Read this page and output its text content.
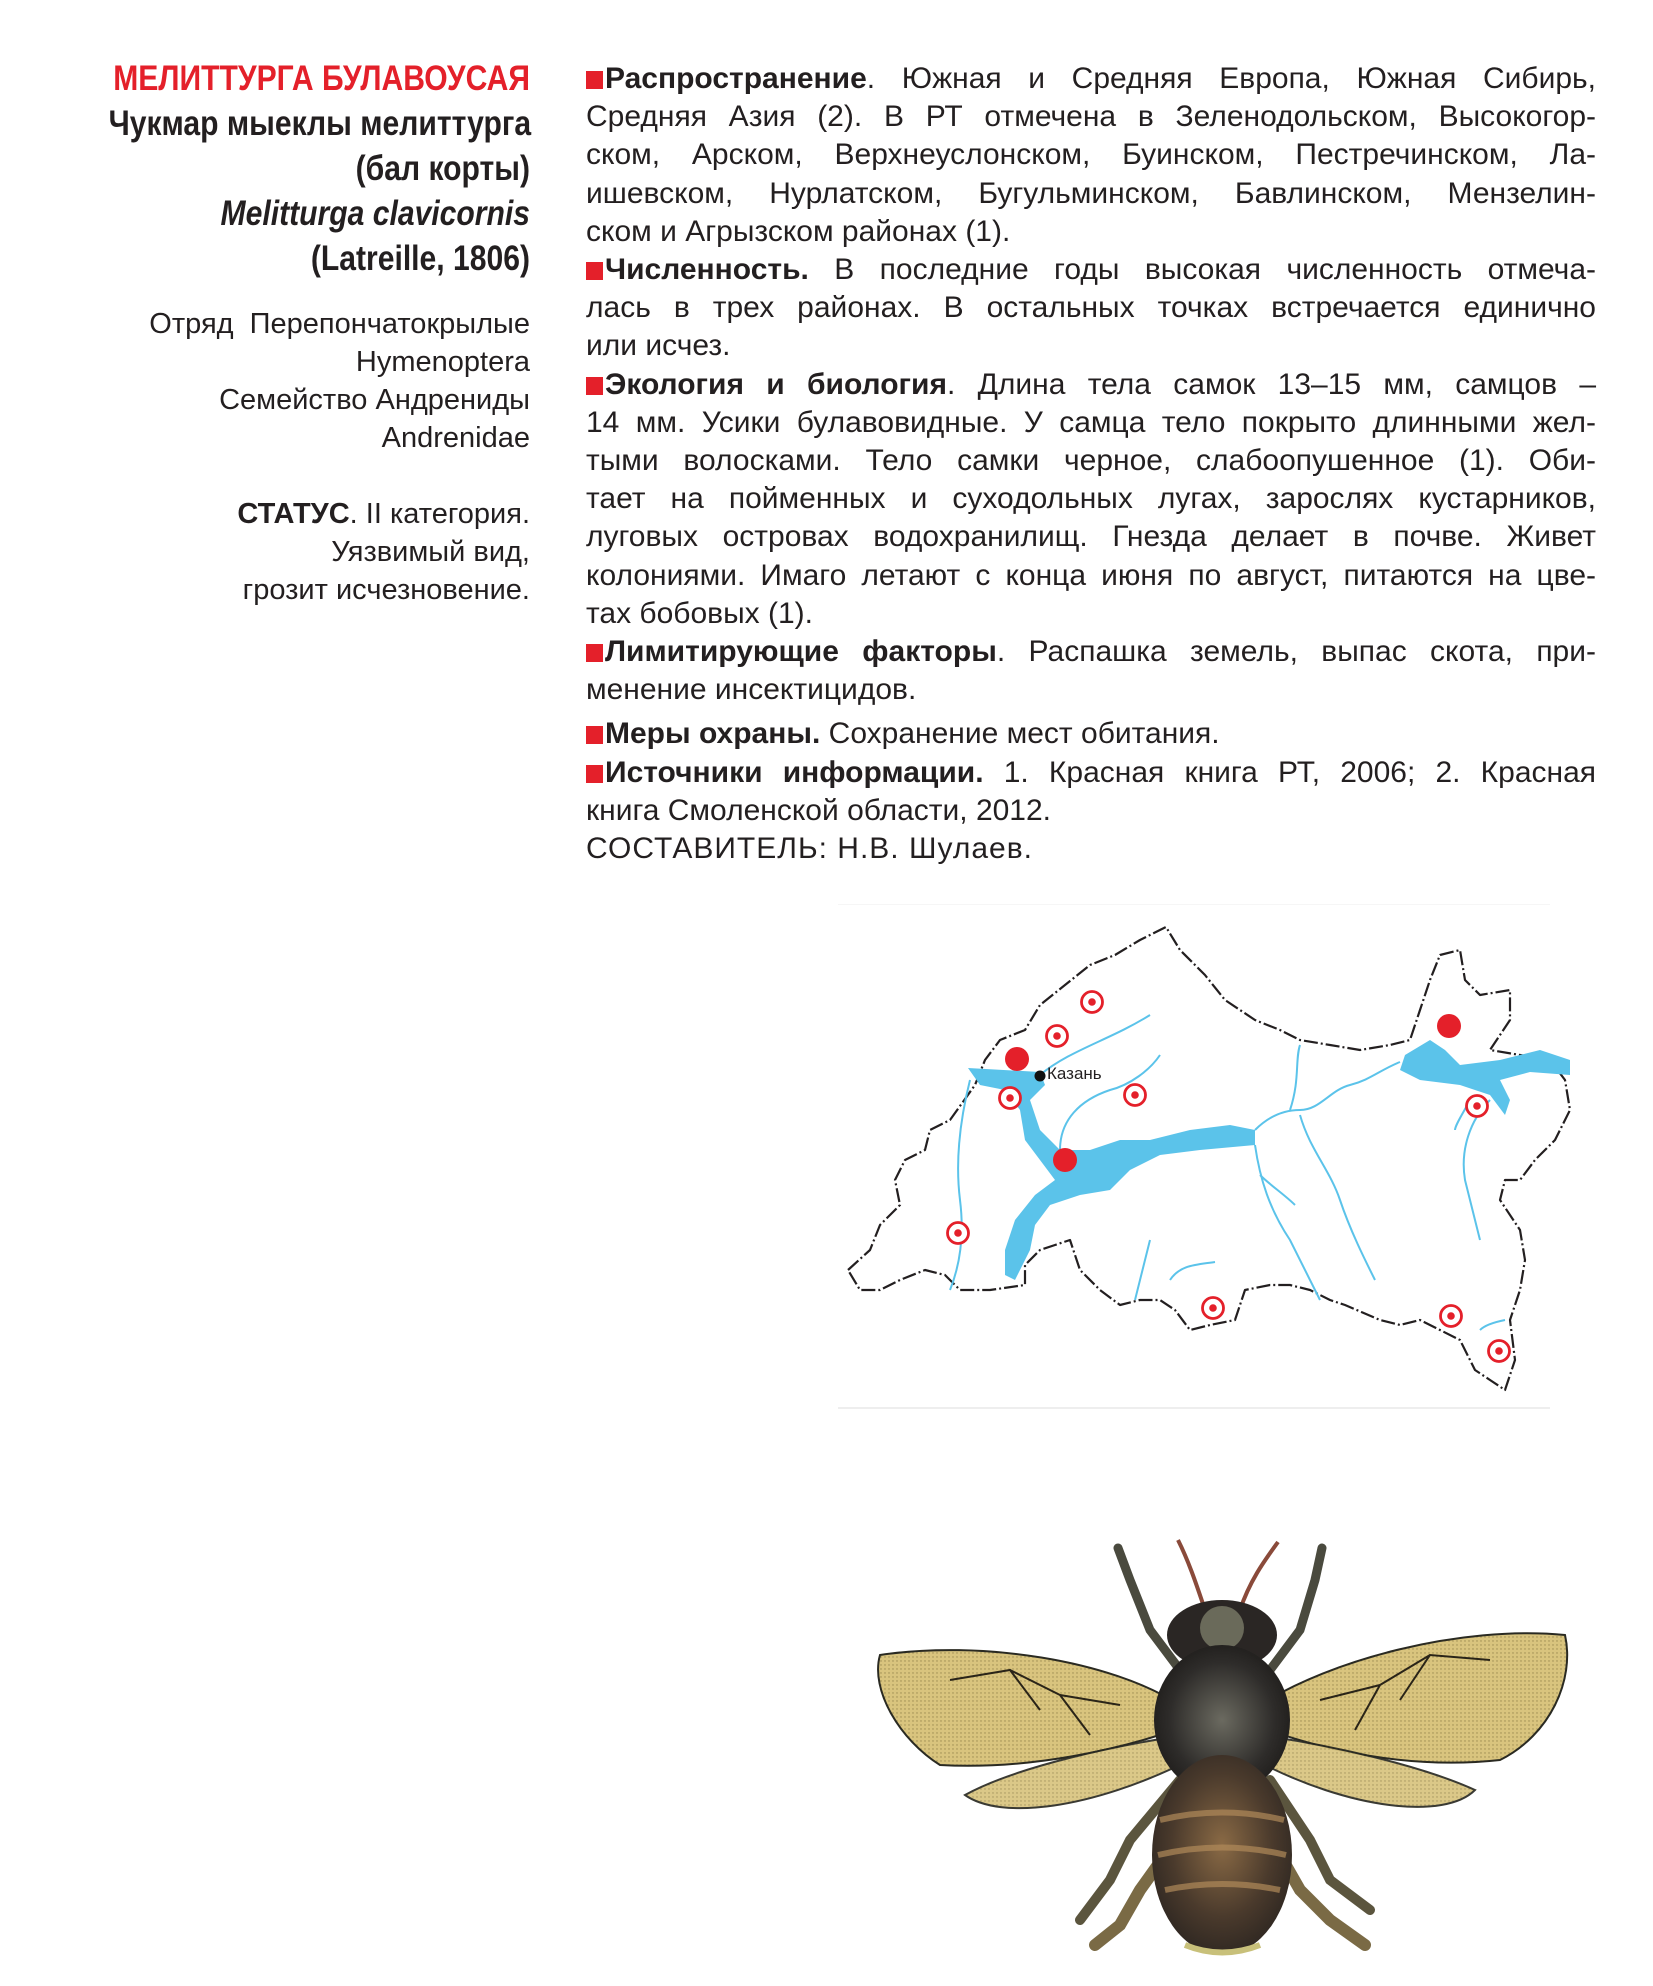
МЕЛИТТУРГА БУЛАВОУСАЯ
Чукмар мыеклы мелиттурга
(бал корты)
Melitturga clavicornis
(Latreille, 1806)
Отряд  Перепончатокрылые
Hymenoptera
Семейство Андрениды
Andrenidae
СТАТУС. II категория.
Уязвимый вид,
грозит исчезновение.
Распространение. Южная и Средняя Европа, Южная Сибирь,
Средняя Азия (2). В РТ отмечена в Зеленодольском, Высокогор-
ском, Арском, Верхнеуслонском, Буинском, Пестречинском, Ла-
ишевском, Нурлатском, Бугульминском, Бавлинском, Мензелин-
ском и Агрызском районах (1).
Численность. В последние годы высокая численность отмеча-
лась в трех районах. В остальных точках встречается единично
или исчез.
Экология и биология. Длина тела самок 13–15 мм, самцов –
14 мм. Усики булавовидные. У самца тело покрыто длинными жел-
тыми волосками. Тело самки черное, слабоопушенное (1). Оби-
тает на пойменных и суходольных лугах, зарослях кустарников,
луговых островах водохранилищ. Гнезда делает в почве. Живет
колониями. Имаго летают с конца июня по август, питаются на цве-
тах бобовых (1).
Лимитирующие факторы. Распашка земель, выпас скота, при-
менение инсектицидов.
Меры охраны. Сохранение мест обитания.
Источники информации. 1. Красная книга РТ, 2006; 2. Красная
книга Смоленской области, 2012.
СОСТАВИТЕЛЬ: Н.В. Шулаев.
Казань
